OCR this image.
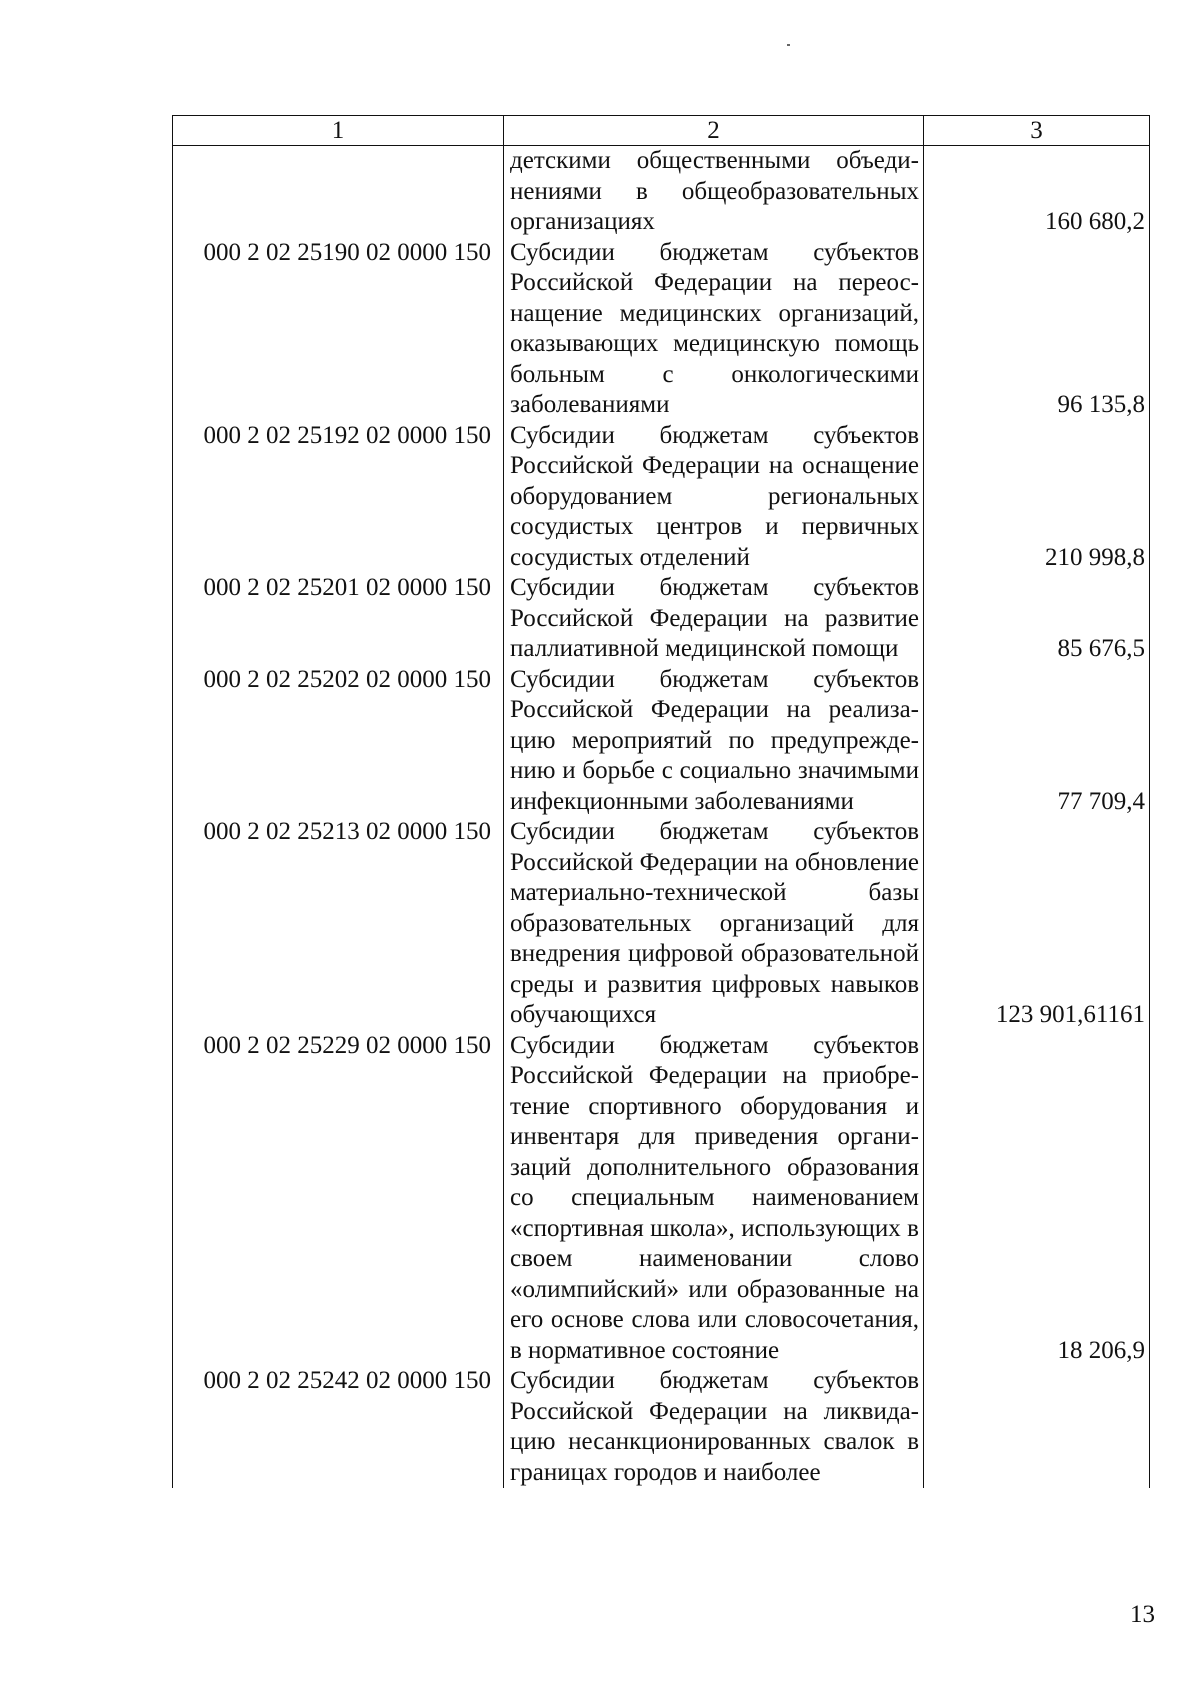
1	2	3

	детскими общественными объединениями в общеобразовательных организациях	160 680,2
000 2 02 25190 02 0000 150	Субсидии бюджетам субъектов Российской Федерации на переоснащение медицинских организаций, оказывающих медицинскую помощь больным с онкологическими заболеваниями	96 135,8
000 2 02 25192 02 0000 150	Субсидии бюджетам субъектов Российской Федерации на оснащение оборудованием региональных сосудистых центров и первичных сосудистых отделений	210 998,8
000 2 02 25201 02 0000 150	Субсидии бюджетам субъектов Российской Федерации на развитие паллиативной медицинской помощи	85 676,5
000 2 02 25202 02 0000 150	Субсидии бюджетам субъектов Российской Федерации на реализацию мероприятий по предупреждению и борьбе с социально значимыми инфекционными заболеваниями	77 709,4
000 2 02 25213 02 0000 150	Субсидии бюджетам субъектов Российской Федерации на обновление материально-технической базы образовательных организаций для внедрения цифровой образовательной среды и развития цифровых навыков обучающихся	123 901,61161
000 2 02 25229 02 0000 150	Субсидии бюджетам субъектов Российской Федерации на приобретение спортивного оборудования и инвентаря для приведения организаций дополнительного образования со специальным наименованием «спортивная школа», использующих в своем наименовании слово «олимпийский» или образованные на его основе слова или словосочетания, в нормативное состояние	18 206,9
000 2 02 25242 02 0000 150	Субсидии бюджетам субъектов Российской Федерации на ликвидацию несанкционированных свалок в границах городов и наиболее	

13
